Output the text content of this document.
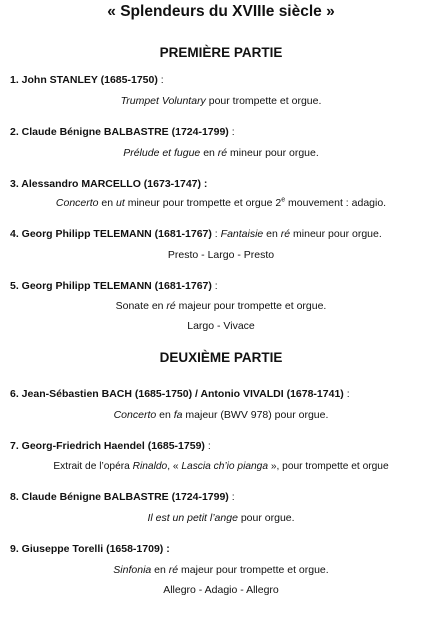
« Splendeurs du XVIIIe siècle »
PREMIÈRE PARTIE
1. John STANLEY (1685-1750) :
Trumpet Voluntary pour trompette et orgue.
2. Claude Bénigne BALBASTRE (1724-1799) :
Prélude et fugue en ré mineur pour orgue.
3. Alessandro MARCELLO (1673-1747) :
Concerto en ut mineur pour trompette et orgue 2e mouvement : adagio.
4. Georg Philipp TELEMANN (1681-1767) : Fantaisie en ré mineur pour orgue.
Presto - Largo - Presto
5. Georg Philipp TELEMANN (1681-1767) :
Sonate en ré majeur pour trompette et orgue.
Largo - Vivace
DEUXIÈME PARTIE
6. Jean-Sébastien BACH (1685-1750) / Antonio VIVALDI (1678-1741) :
Concerto en fa majeur (BWV 978) pour orgue.
7. Georg-Friedrich Haendel (1685-1759) :
Extrait de l’opéra Rinaldo, « Lascia ch’io pianga », pour trompette et orgue
8. Claude Bénigne BALBASTRE (1724-1799) :
Il est un petit l’ange pour orgue.
9. Giuseppe Torelli (1658-1709) :
Sinfonia en ré majeur pour trompette et orgue.
Allegro - Adagio - Allegro
